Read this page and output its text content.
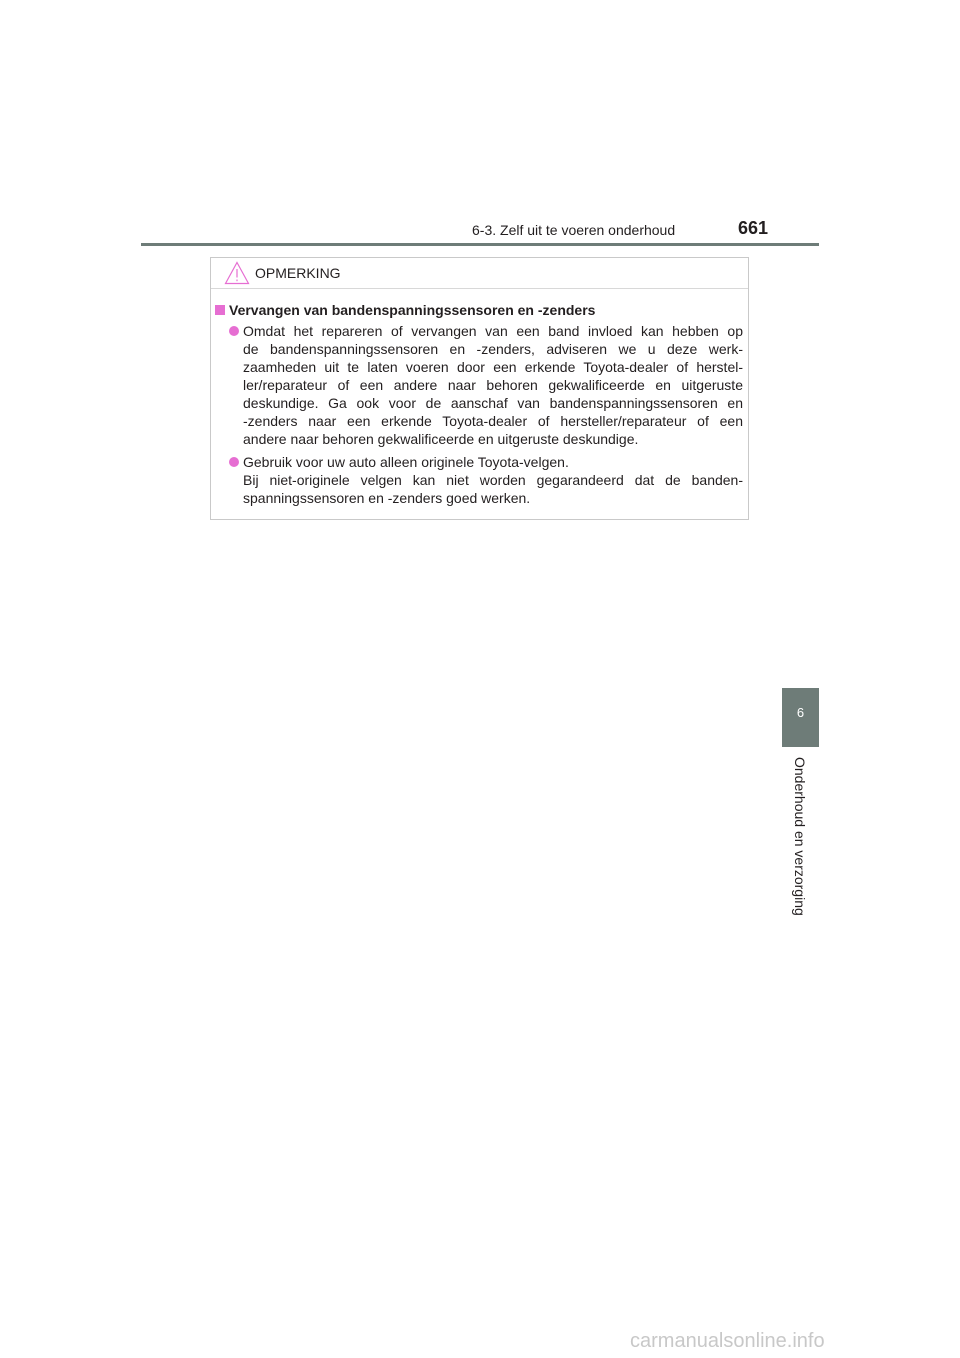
6-3. Zelf uit te voeren onderhoud	661
6
Onderhoud en verzorging
OPMERKING
Vervangen van bandenspanningssensoren en -zenders
Omdat het repareren of vervangen van een band invloed kan hebben op
de bandenspanningssensoren en -zenders, adviseren we u deze werk-
zaamheden uit te laten voeren door een erkende Toyota-dealer of herstel-
ler/reparateur of een andere naar behoren gekwalificeerde en uitgeruste
deskundige. Ga ook voor de aanschaf van bandenspanningssensoren en
-zenders naar een erkende Toyota-dealer of hersteller/reparateur of een
andere naar behoren gekwalificeerde en uitgeruste deskundige.
Gebruik voor uw auto alleen originele Toyota-velgen.
Bij niet-originele velgen kan niet worden gegarandeerd dat de banden-
spanningssensoren en -zenders goed werken.
carmanualsonline.info
